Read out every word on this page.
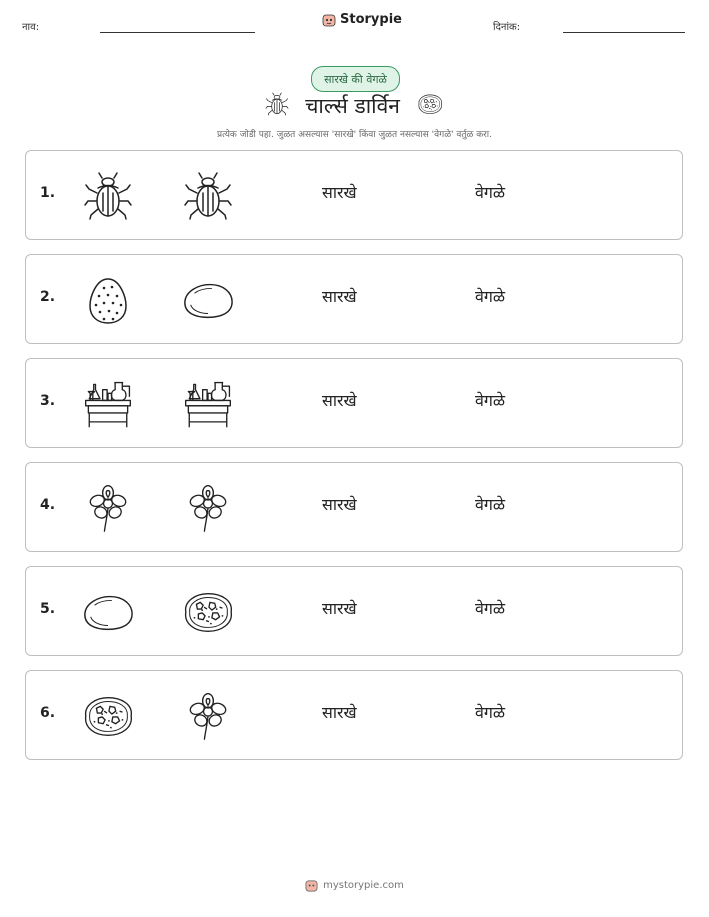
नाव:
Storypie
दिनांक:
सारखे की वेगळे
चार्ल्स डार्विन
प्रत्येक जोडी पहा. जुळत असल्यास 'सारखे' किंवा जुळत नसल्यास 'वेगळे' वर्तुळ करा.
1.	सारखे	वेगळे
2.	सारखे	वेगळे
3.	सारखे	वेगळे
4.	सारखे	वेगळे
5.	सारखे	वेगळे
6.	सारखे	वेगळे
mystorypie.com
